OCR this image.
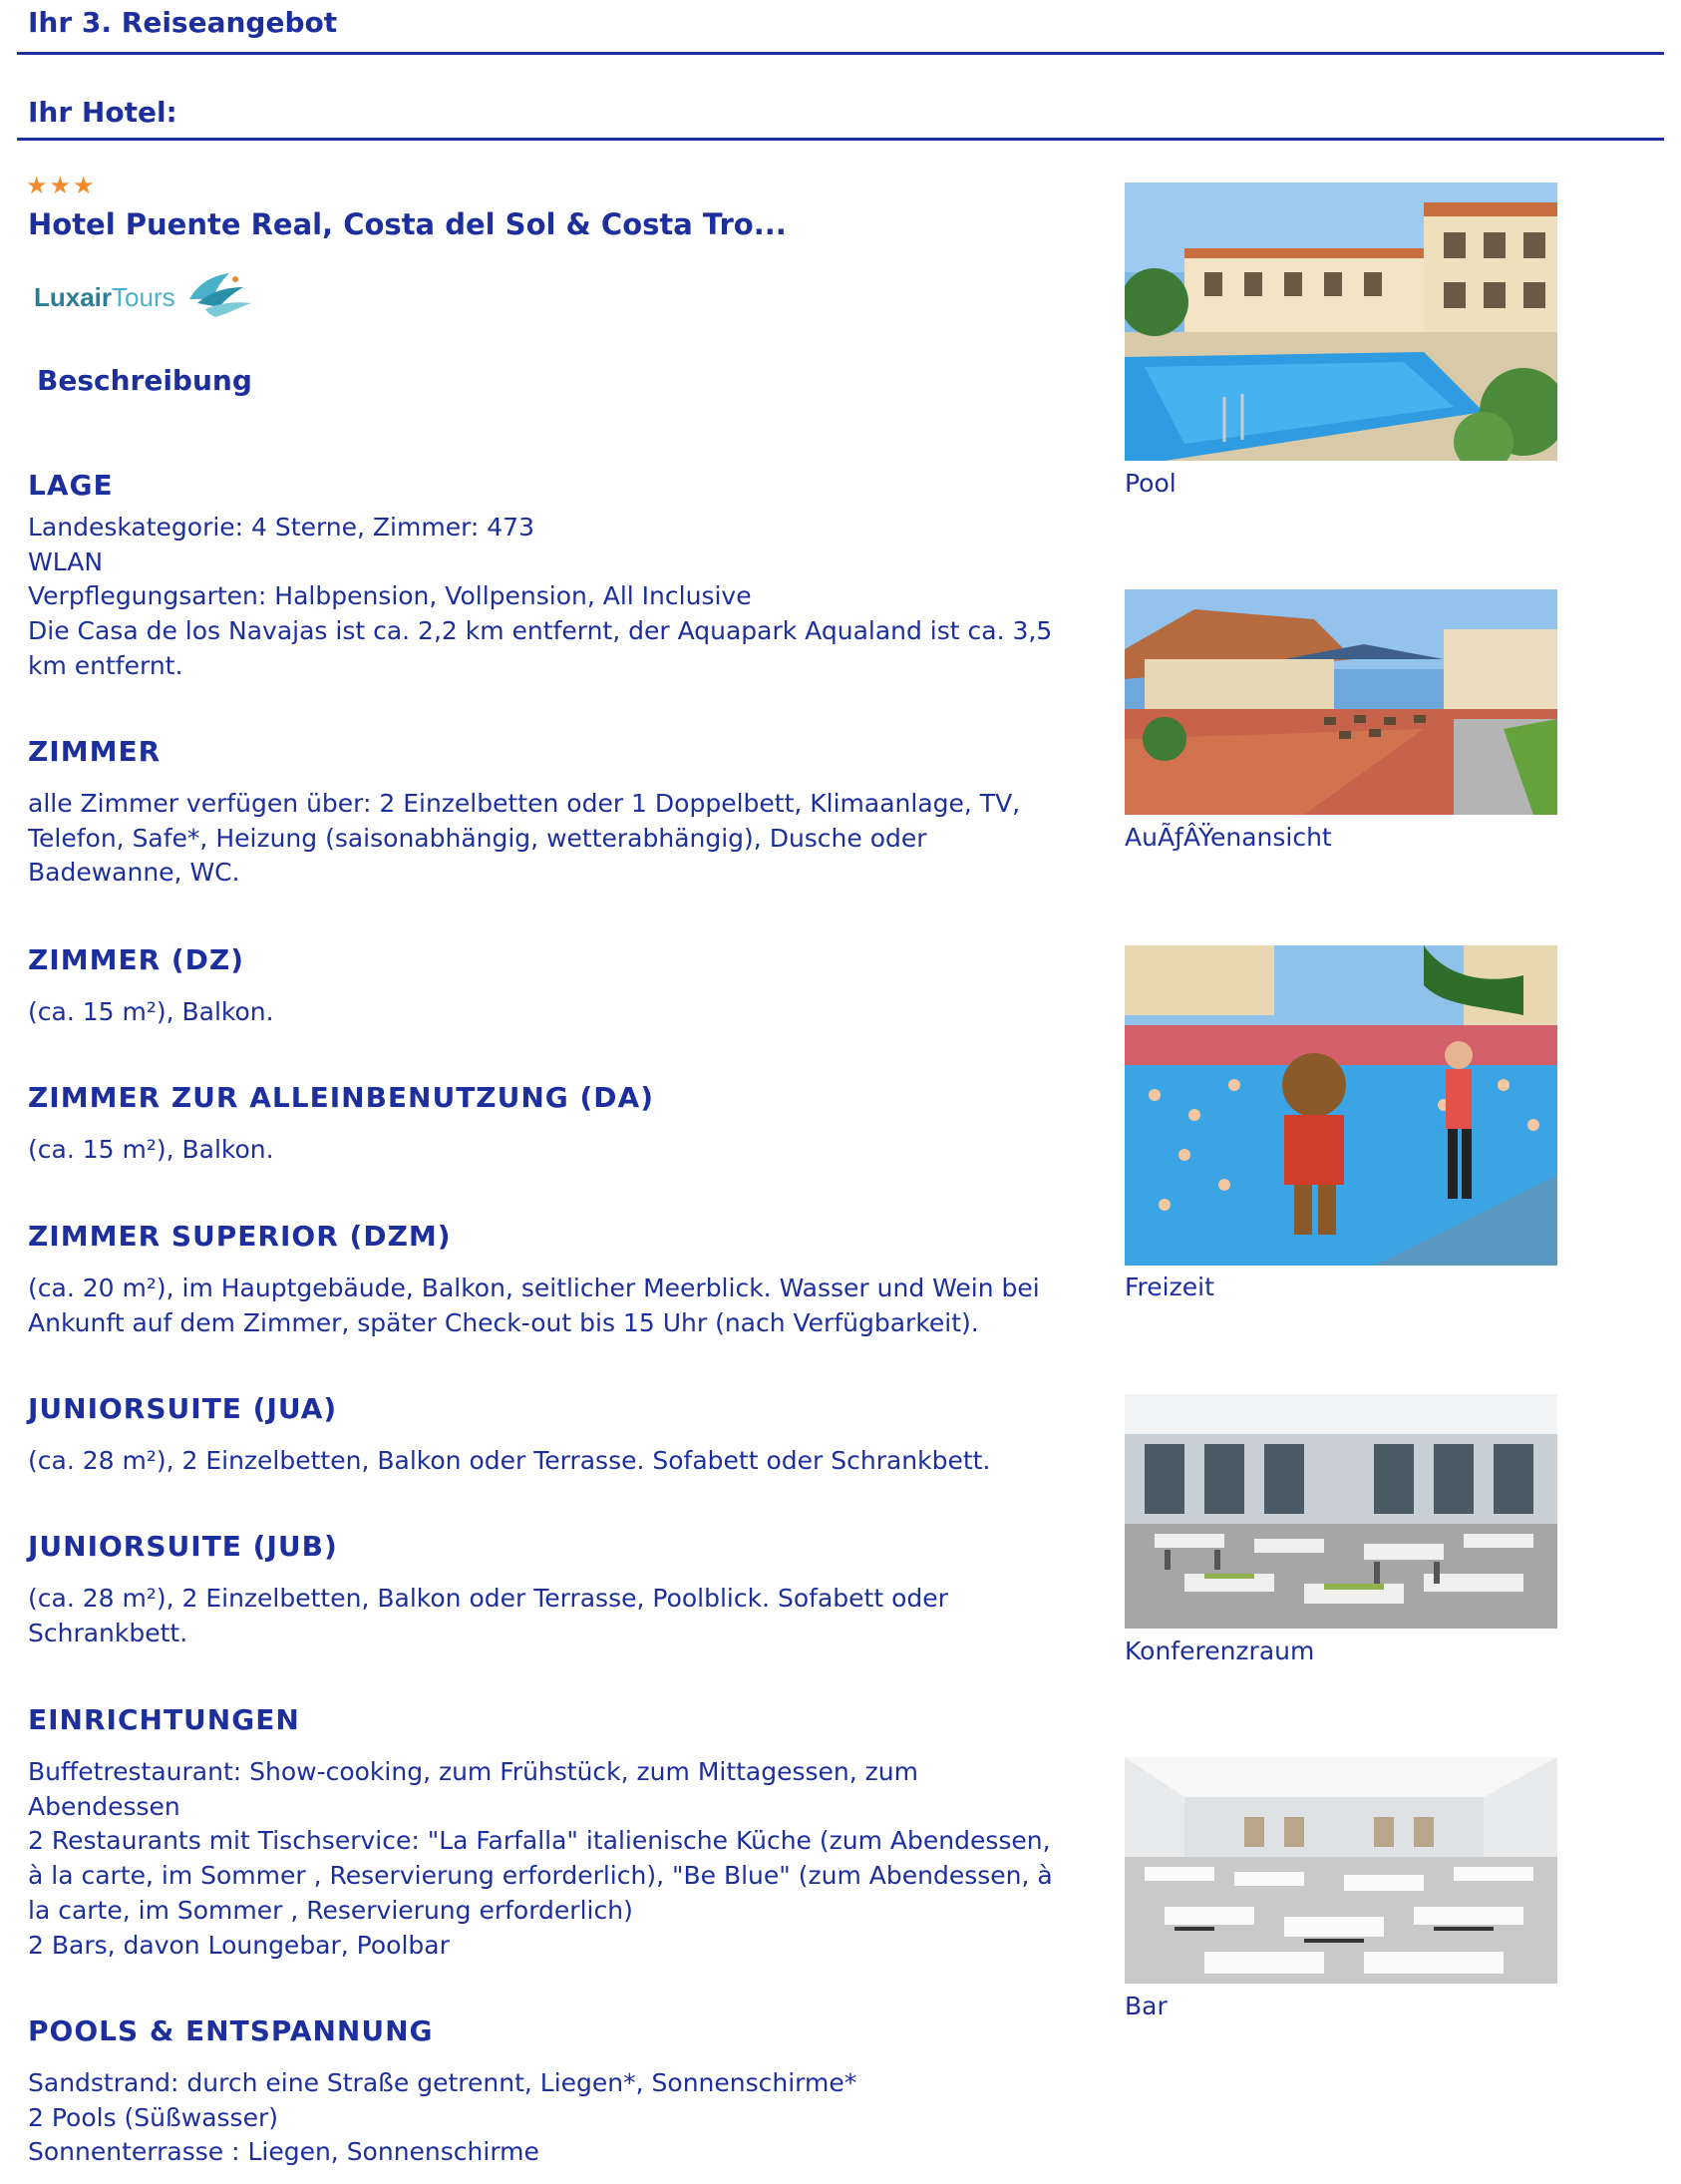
Ihr 3. Reiseangebot
Ihr Hotel:
★★★
Hotel Puente Real, Costa del Sol & Costa Tro...
LuxairTours
Beschreibung
LAGE
Landeskategorie: 4 Sterne, Zimmer: 473
WLAN
Verpflegungsarten: Halbpension, Vollpension, All Inclusive
Die Casa de los Navajas ist ca. 2,2 km entfernt, der Aquapark Aqualand ist ca. 3,5 km entfernt.
ZIMMER
alle Zimmer verfügen über: 2 Einzelbetten oder 1 Doppelbett, Klimaanlage, TV, Telefon, Safe*, Heizung (saisonabhängig, wetterabhängig), Dusche oder Badewanne, WC.
ZIMMER (DZ)
(ca. 15 m²), Balkon.
ZIMMER ZUR ALLEINBENUTZUNG (DA)
(ca. 15 m²), Balkon.
ZIMMER SUPERIOR (DZM)
(ca. 20 m²), im Hauptgebäude, Balkon, seitlicher Meerblick. Wasser und Wein bei Ankunft auf dem Zimmer, später Check-out bis 15 Uhr (nach Verfügbarkeit).
JUNIORSUITE (JUA)
(ca. 28 m²), 2 Einzelbetten, Balkon oder Terrasse. Sofabett oder Schrankbett.
JUNIORSUITE (JUB)
(ca. 28 m²), 2 Einzelbetten, Balkon oder Terrasse, Poolblick. Sofabett oder Schrankbett.
EINRICHTUNGEN
Buffetrestaurant: Show-cooking, zum Frühstück, zum Mittagessen, zum Abendessen
2 Restaurants mit Tischservice: "La Farfalla" italienische Küche (zum Abendessen, à la carte, im Sommer , Reservierung erforderlich), "Be Blue" (zum Abendessen, à la carte, im Sommer , Reservierung erforderlich)
2 Bars, davon Loungebar, Poolbar
POOLS & ENTSPANNUNG
Sandstrand: durch eine Straße getrennt, Liegen*, Sonnenschirme*
2 Pools (Süßwasser)
Sonnenterrasse : Liegen, Sonnenschirme
Pool
AuÃƒÂŸenansicht
Freizeit
Konferenzraum
Bar
